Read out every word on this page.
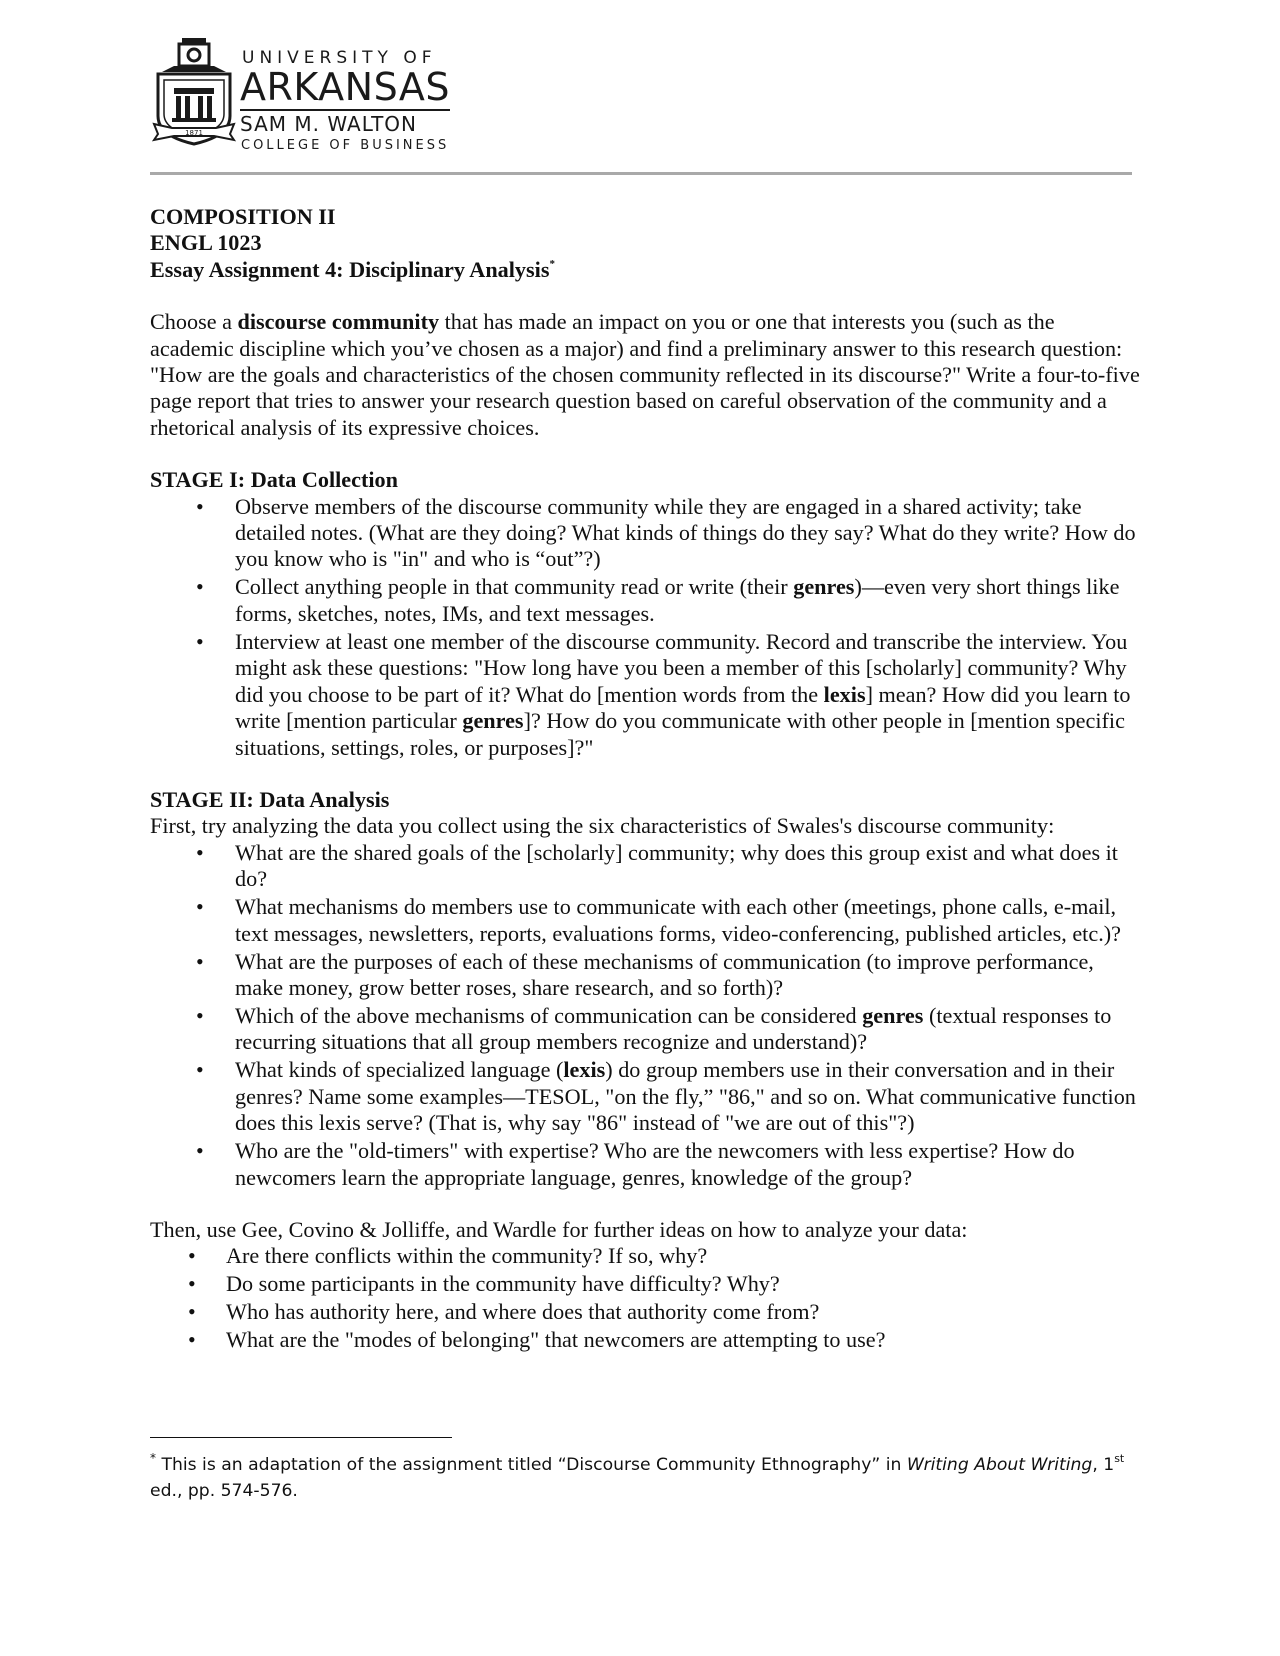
1871
UNIVERSITY OF
ARKANSAS
SAM M. WALTON
COLLEGE OF BUSINESS

COMPOSITION II

ENGL 1023

Essay Assignment 4: Disciplinary Analysis*

Choose a discourse community that has made an impact on you or one that interests you (such as the academic discipline which you’ve chosen as a major) and find a preliminary answer to this research question: "How are the goals and characteristics of the chosen community reflected in its discourse?" Write a four-to-five page report that tries to answer your research question based on careful observation of the community and a rhetorical analysis of its expressive choices.

STAGE I: Data Collection

• Observe members of the discourse community while they are engaged in a shared activity; take detailed notes. (What are they doing? What kinds of things do they say? What do they write? How do you know who is "in" and who is “out”?)
• Collect anything people in that community read or write (their genres)—even very short things like forms, sketches, notes, IMs, and text messages.
• Interview at least one member of the discourse community. Record and transcribe the interview. You might ask these questions: "How long have you been a member of this [scholarly] community? Why did you choose to be part of it? What do [mention words from the lexis] mean? How did you learn to write [mention particular genres]? How do you communicate with other people in [mention specific situations, settings, roles, or purposes]?"

STAGE II: Data Analysis

First, try analyzing the data you collect using the six characteristics of Swales's discourse community:

• What are the shared goals of the [scholarly] community; why does this group exist and what does it do?
• What mechanisms do members use to communicate with each other (meetings, phone calls, e-mail, text messages, newsletters, reports, evaluations forms, video-conferencing, published articles, etc.)?
• What are the purposes of each of these mechanisms of communication (to improve performance, make money, grow better roses, share research, and so forth)?
• Which of the above mechanisms of communication can be considered genres (textual responses to recurring situations that all group members recognize and understand)?
• What kinds of specialized language (lexis) do group members use in their conversation and in their genres? Name some examples—TESOL, "on the fly,” "86," and so on. What communicative function does this lexis serve? (That is, why say "86" instead of "we are out of this"?)
• Who are the "old-timers" with expertise? Who are the newcomers with less expertise? How do newcomers learn the appropriate language, genres, knowledge of the group?

Then, use Gee, Covino & Jolliffe, and Wardle for further ideas on how to analyze your data:

• Are there conflicts within the community? If so, why?
• Do some participants in the community have difficulty? Why?
• Who has authority here, and where does that authority come from?
• What are the "modes of belonging" that newcomers are attempting to use?
* This is an adaptation of the assignment titled “Discourse Community Ethnography” in Writing About Writing, 1st ed., pp. 574-576.
